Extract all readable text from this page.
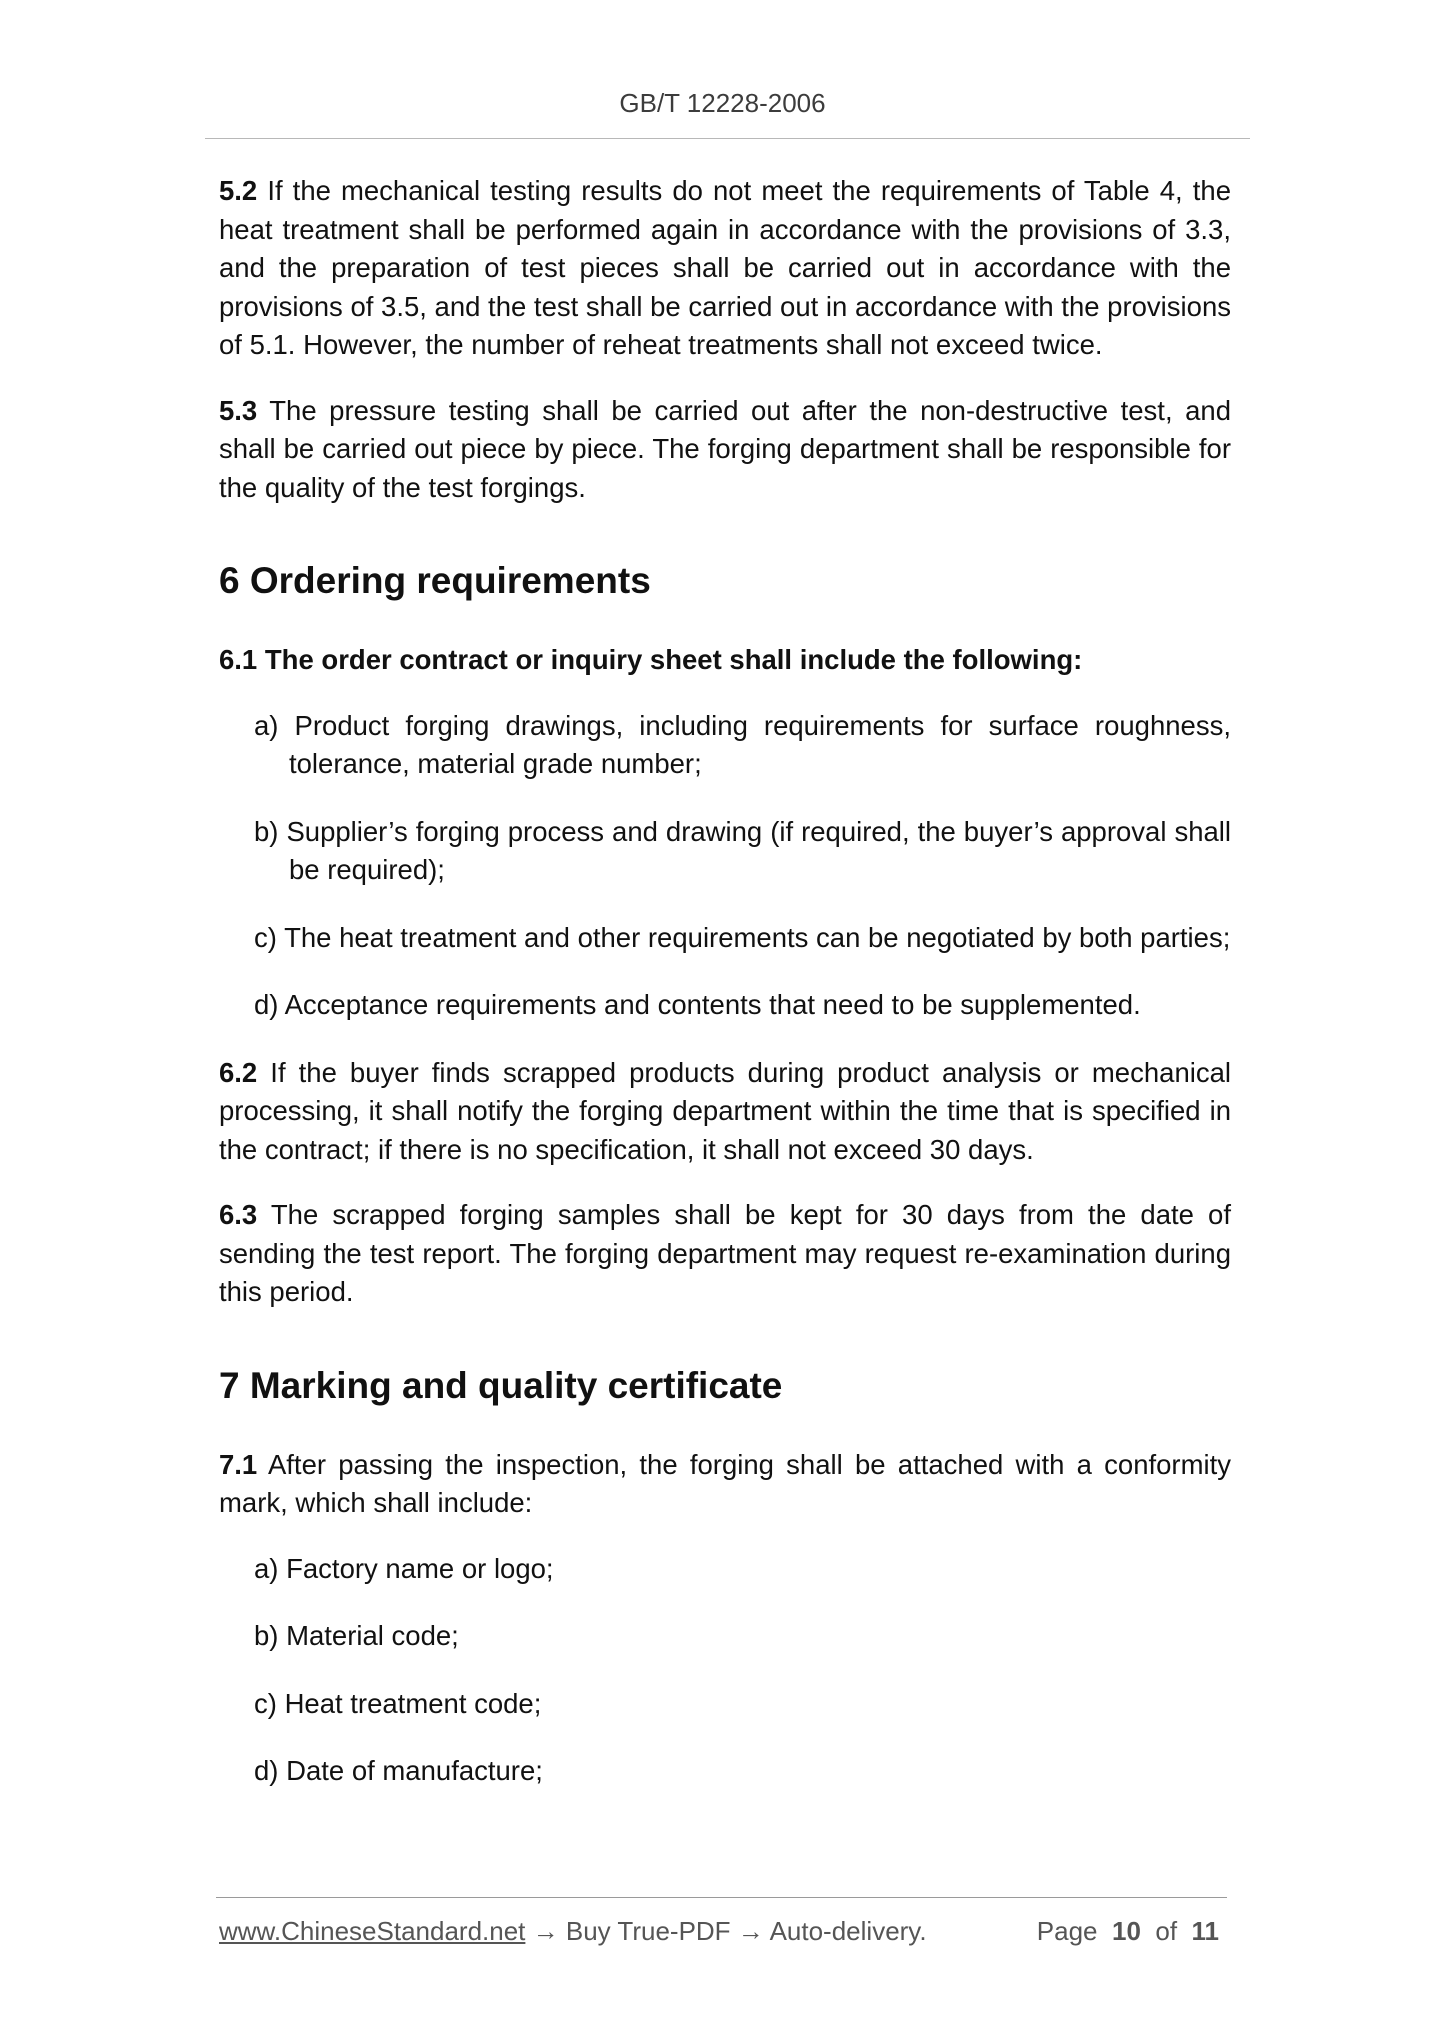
GB/T 12228-2006

5.2 If the mechanical testing results do not meet the requirements of Table 4, the heat treatment shall be performed again in accordance with the provisions of 3.3, and the preparation of test pieces shall be carried out in accordance with the provisions of 3.5, and the test shall be carried out in accordance with the provisions of 5.1. However, the number of reheat treatments shall not exceed twice.

5.3 The pressure testing shall be carried out after the non-destructive test, and shall be carried out piece by piece. The forging department shall be responsible for the quality of the test forgings.

6 Ordering requirements

6.1 The order contract or inquiry sheet shall include the following:

a) Product forging drawings, including requirements for surface roughness, tolerance, material grade number;
b) Supplier’s forging process and drawing (if required, the buyer’s approval shall be required);
c) The heat treatment and other requirements can be negotiated by both parties;
d) Acceptance requirements and contents that need to be supplemented.

6.2 If the buyer finds scrapped products during product analysis or mechanical processing, it shall notify the forging department within the time that is specified in the contract; if there is no specification, it shall not exceed 30 days.

6.3 The scrapped forging samples shall be kept for 30 days from the date of sending the test report. The forging department may request re-examination during this period.

7 Marking and quality certificate

7.1 After passing the inspection, the forging shall be attached with a conformity mark, which shall include:

a) Factory name or logo;
b) Material code;
c) Heat treatment code;
d) Date of manufacture;
www.ChineseStandard.net → Buy True-PDF → Auto-delivery.	Page 10 of 11
